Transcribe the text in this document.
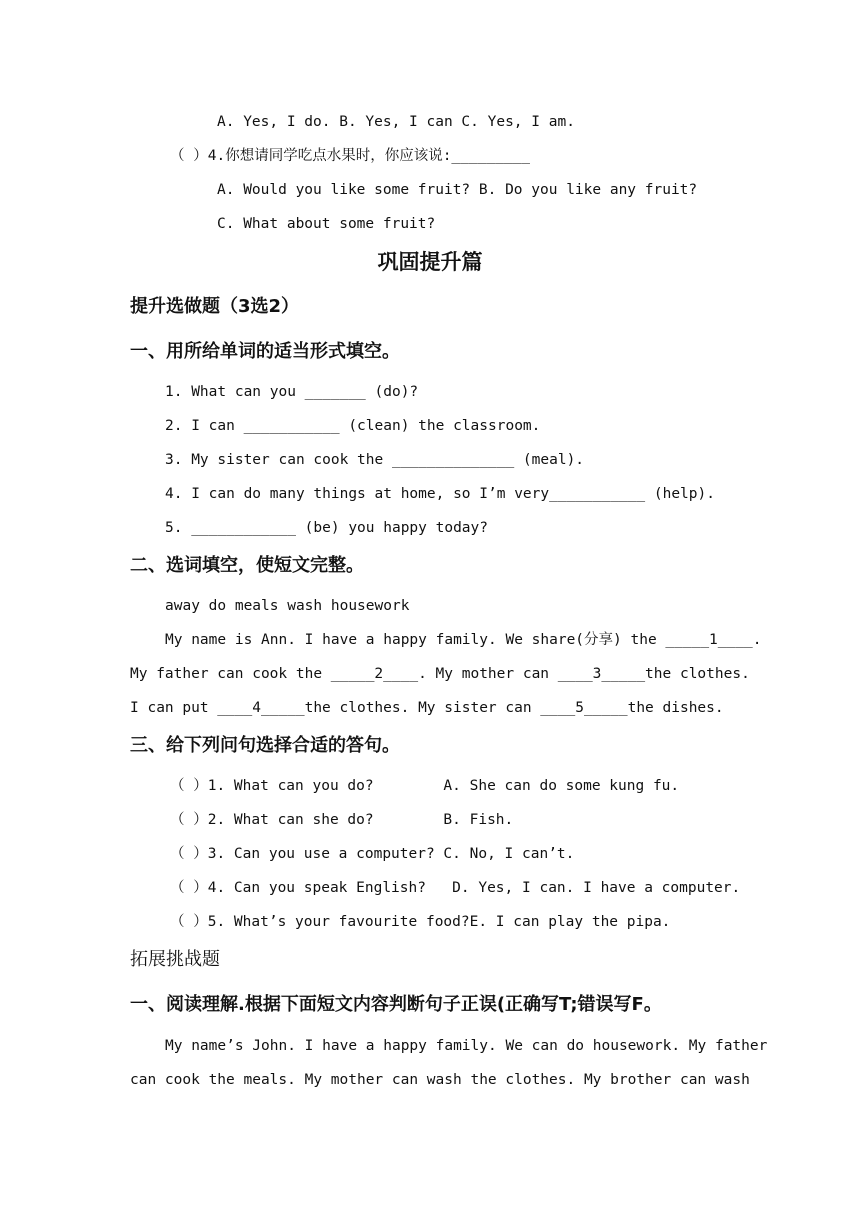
A. Yes, I do. B. Yes, I can C. Yes, I am.
（ ）4.你想请同学吃点水果时，你应该说:_________
A. Would you like some fruit? B. Do you like any fruit?
C. What about some fruit?
巩固提升篇
提升选做题（3选2）
一、用所给单词的适当形式填空。
1. What can you _______ (do)?
2. I can ___________ (clean) the classroom.
3. My sister can cook the ______________ (meal).
4. I can do many things at home, so I’m very___________ (help).
5. ____________ (be) you happy today?
二、选词填空，使短文完整。
away do meals wash housework
My name is Ann. I have a happy family. We share(分享) the _____1____.
My father can cook the _____2____. My mother can ____3_____the clothes.
I can put ____4_____the clothes. My sister can ____5_____the dishes.
三、给下列问句选择合适的答句。
（ ）1. What can you do?        A. She can do some kung fu.
（ ）2. What can she do?        B. Fish.
（ ）3. Can you use a computer? C. No, I can’t.
（ ）4. Can you speak English?   D. Yes, I can. I have a computer.
（ ）5. What’s your favourite food?E. I can play the pipa.
拓展挑战题
一、阅读理解.根据下面短文内容判断句子正误(正确写T;错误写F。
My name’s John. I have a happy family. We can do housework. My father
can cook the meals. My mother can wash the clothes. My brother can wash
